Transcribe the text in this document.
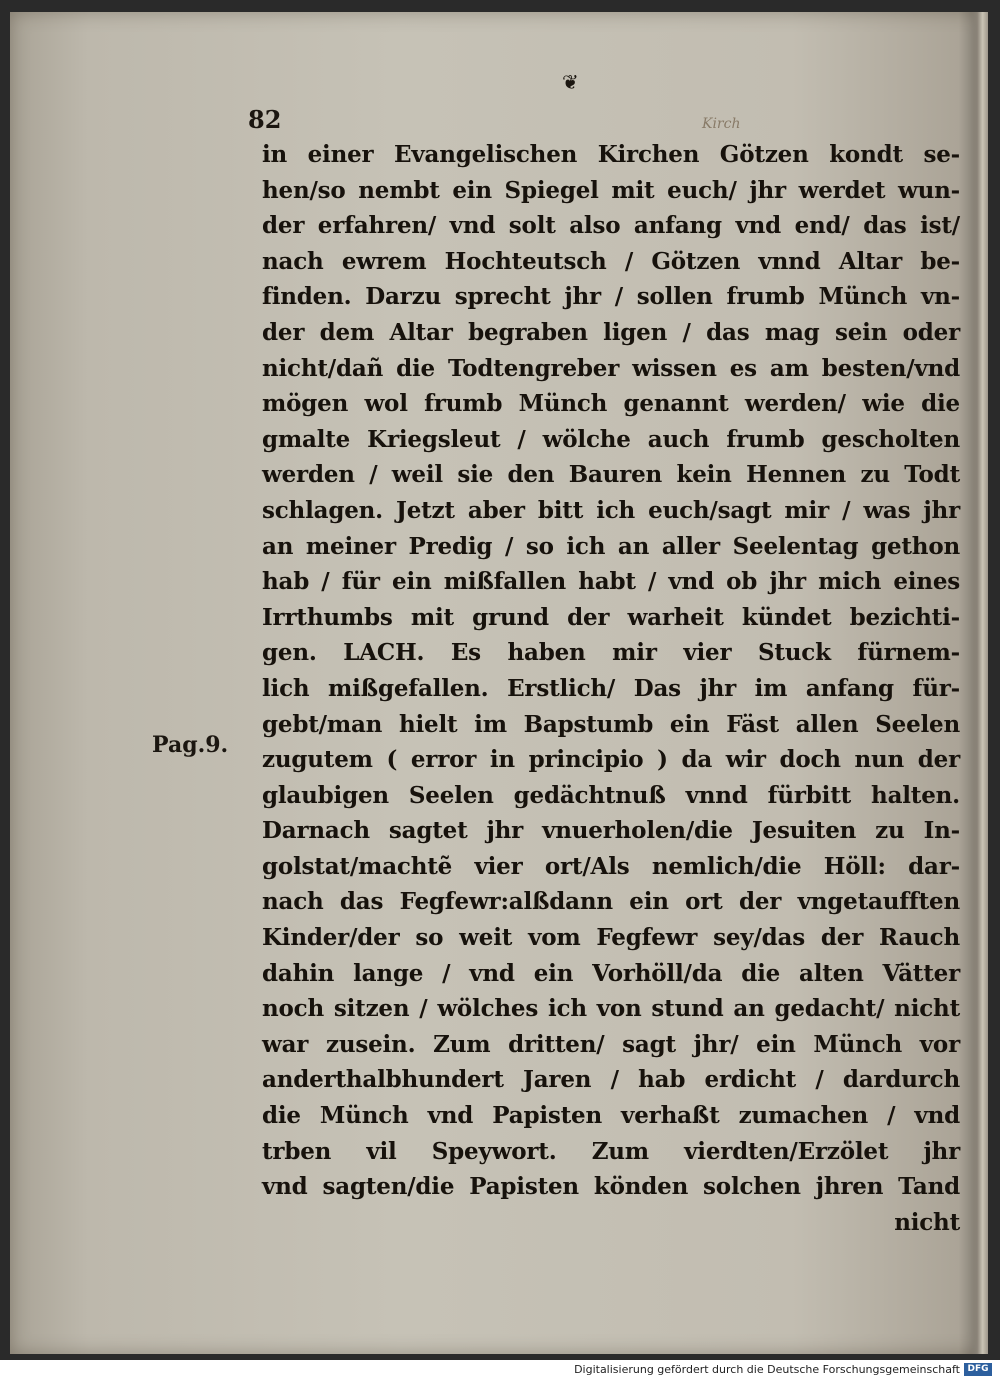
❦
82	Kirch
Pag.9.
in einer Evangelischen Kirchen Götzen kondt se-
hen/so nembt ein Spiegel mit euch/ jhr werdet wun-
der erfahren/ vnd solt also anfang vnd end/ das ist/
nach ewrem Hochteutsch / Götzen vnnd Altar be-
finden. Darzu sprecht jhr / sollen frumb Münch vn-
der dem Altar begraben ligen / das mag sein oder
nicht/dañ die Todtengreber wissen es am besten/vnd
mögen wol frumb Münch genannt werden/ wie die
gmalte Kriegsleut / wölche auch frumb gescholten
werden / weil sie den Bauren kein Hennen zu Todt
schlagen. Jetzt aber bitt ich euch/sagt mir / was jhr
an meiner Predig / so ich an aller Seelentag gethon
hab / für ein mißfallen habt / vnd ob jhr mich eines
Irrthumbs mit grund der warheit kündet bezichti-
gen. LACH. Es haben mir vier Stuck fürnem-
lich mißgefallen. Erstlich/ Das jhr im anfang für-
gebt/man hielt im Bapstumb ein Fäst allen Seelen
zugutem ( error in principio ) da wir doch nun der
glaubigen Seelen gedächtnuß vnnd fürbitt halten.
Darnach sagtet jhr vnuerholen/die Jesuiten zu In-
golstat/machtẽ vier ort/Als nemlich/die Höll: dar-
nach das Fegfewr:alßdann ein ort der vngetaufften
Kinder/der so weit vom Fegfewr sey/das der Rauch
dahin lange / vnd ein Vorhöll/da die alten Vätter
noch sitzen / wölches ich von stund an gedacht/ nicht
war zusein. Zum dritten/ sagt jhr/ ein Münch vor
anderthalbhundert Jaren / hab erdicht / dardurch
die Münch vnd Papisten verhaßt zumachen / vnd
trben vil Speywort. Zum vierdten/Erzölet jhr
vnd sagten/die Papisten könden solchen jhren Tand
nicht
Digitalisierung gefördert durch die Deutsche Forschungsgemeinschaft DFG
